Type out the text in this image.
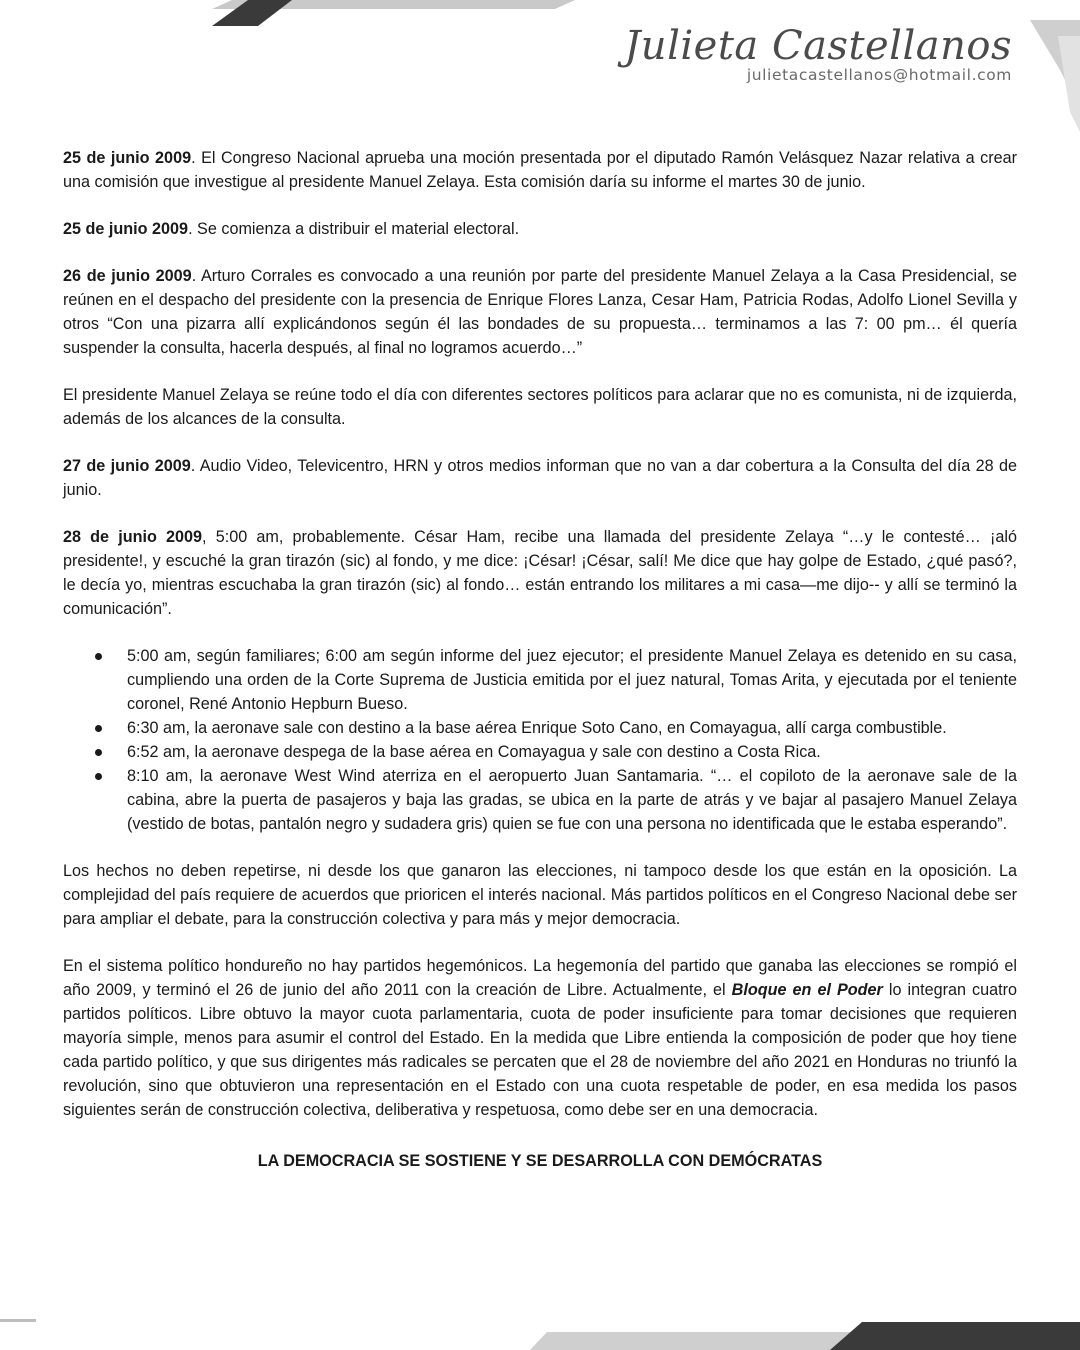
Julieta Castellanos
julietacastellanos@hotmail.com

25 de junio 2009. El Congreso Nacional aprueba una moción presentada por el diputado Ramón Velásquez Nazar relativa a crear una comisión que investigue al presidente Manuel Zelaya. Esta comisión daría su informe el martes 30 de junio.

25 de junio 2009. Se comienza a distribuir el material electoral.

26 de junio 2009. Arturo Corrales es convocado a una reunión por parte del presidente Manuel Zelaya a la Casa Presidencial, se reúnen en el despacho del presidente con la presencia de Enrique Flores Lanza, Cesar Ham, Patricia Rodas, Adolfo Lionel Sevilla y otros “Con una pizarra allí explicándonos según él las bondades de su propuesta… terminamos a las 7: 00 pm… él quería suspender la consulta, hacerla después, al final no logramos acuerdo…”

El presidente Manuel Zelaya se reúne todo el día con diferentes sectores políticos para aclarar que no es comunista, ni de izquierda, además de los alcances de la consulta.

27 de junio 2009. Audio Video, Televicentro, HRN y otros medios informan que no van a dar cobertura a la Consulta del día 28 de junio.

28 de junio 2009, 5:00 am, probablemente. César Ham, recibe una llamada del presidente Zelaya “…y le contesté… ¡aló presidente!, y escuché la gran tirazón (sic) al fondo, y me dice: ¡César! ¡César, salí! Me dice que hay golpe de Estado, ¿qué pasó?, le decía yo, mientras escuchaba la gran tirazón (sic) al fondo… están entrando los militares a mi casa—me dijo-- y allí se terminó la comunicación”.

5:00 am, según familiares; 6:00 am según informe del juez ejecutor; el presidente Manuel Zelaya es detenido en su casa, cumpliendo una orden de la Corte Suprema de Justicia emitida por el juez natural, Tomas Arita, y ejecutada por el teniente coronel, René Antonio Hepburn Bueso.
6:30 am, la aeronave sale con destino a la base aérea Enrique Soto Cano, en Comayagua, allí carga combustible.
6:52 am, la aeronave despega de la base aérea en Comayagua y sale con destino a Costa Rica.
8:10 am, la aeronave West Wind aterriza en el aeropuerto Juan Santamaria. “… el copiloto de la aeronave sale de la cabina, abre la puerta de pasajeros y baja las gradas, se ubica en la parte de atrás y ve bajar al pasajero Manuel Zelaya (vestido de botas, pantalón negro y sudadera gris) quien se fue con una persona no identificada que le estaba esperando”.

Los hechos no deben repetirse, ni desde los que ganaron las elecciones, ni tampoco desde los que están en la oposición. La complejidad del país requiere de acuerdos que prioricen el interés nacional. Más partidos políticos en el Congreso Nacional debe ser para ampliar el debate, para la construcción colectiva y para más y mejor democracia.

En el sistema político hondureño no hay partidos hegemónicos. La hegemonía del partido que ganaba las elecciones se rompió el año 2009, y terminó el 26 de junio del año 2011 con la creación de Libre. Actualmente, el Bloque en el Poder lo integran cuatro partidos políticos. Libre obtuvo la mayor cuota parlamentaria, cuota de poder insuficiente para tomar decisiones que requieren mayoría simple, menos para asumir el control del Estado. En la medida que Libre entienda la composición de poder que hoy tiene cada partido político, y que sus dirigentes más radicales se percaten que el 28 de noviembre del año 2021 en Honduras no triunfó la revolución, sino que obtuvieron una representación en el Estado con una cuota respetable de poder, en esa medida los pasos siguientes serán de construcción colectiva, deliberativa y respetuosa, como debe ser en una democracia.

LA DEMOCRACIA SE SOSTIENE Y SE DESARROLLA CON DEMÓCRATAS
